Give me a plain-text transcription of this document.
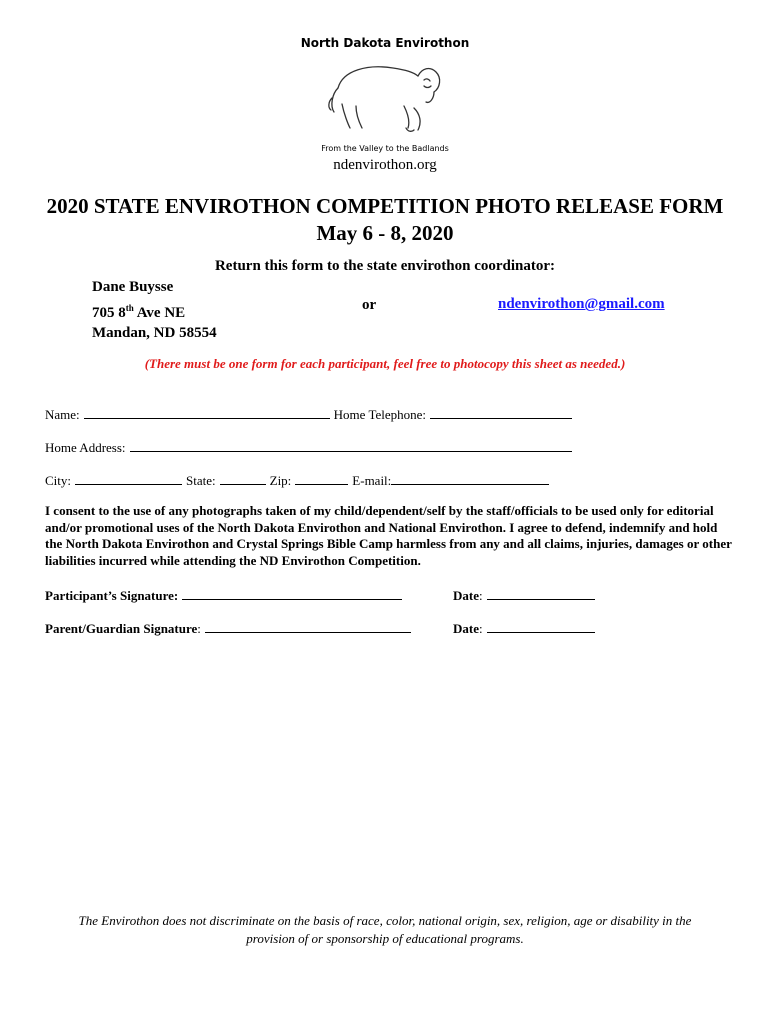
North Dakota Envirothon
From the Valley to the Badlands
ndenvirothon.org
2020 STATE ENVIROTHON COMPETITION PHOTO RELEASE FORM
May 6 - 8, 2020
Return this form to the state envirothon coordinator:
Dane Buysse
705 8th Ave NE
Mandan, ND 58554
or	ndenvirothon@gmail.com
(There must be one form for each participant, feel free to photocopy this sheet as needed.)
Name:	Home Telephone:
Home Address:
City:	State:	Zip:	E-mail:
I consent to the use of any photographs taken of my child/dependent/self by the staff/officials to be used only for editorial and/or promotional uses of the North Dakota Envirothon and National Envirothon. I agree to defend, indemnify and hold the North Dakota Envirothon and Crystal Springs Bible Camp harmless from any and all claims, injuries, damages or other liabilities incurred while attending the ND Envirothon Competition.
Participant’s Signature:	Date:
Parent/Guardian Signature:	Date:
The Envirothon does not discriminate on the basis of race, color, national origin, sex, religion, age or disability in the
provision of or sponsorship of educational programs.
